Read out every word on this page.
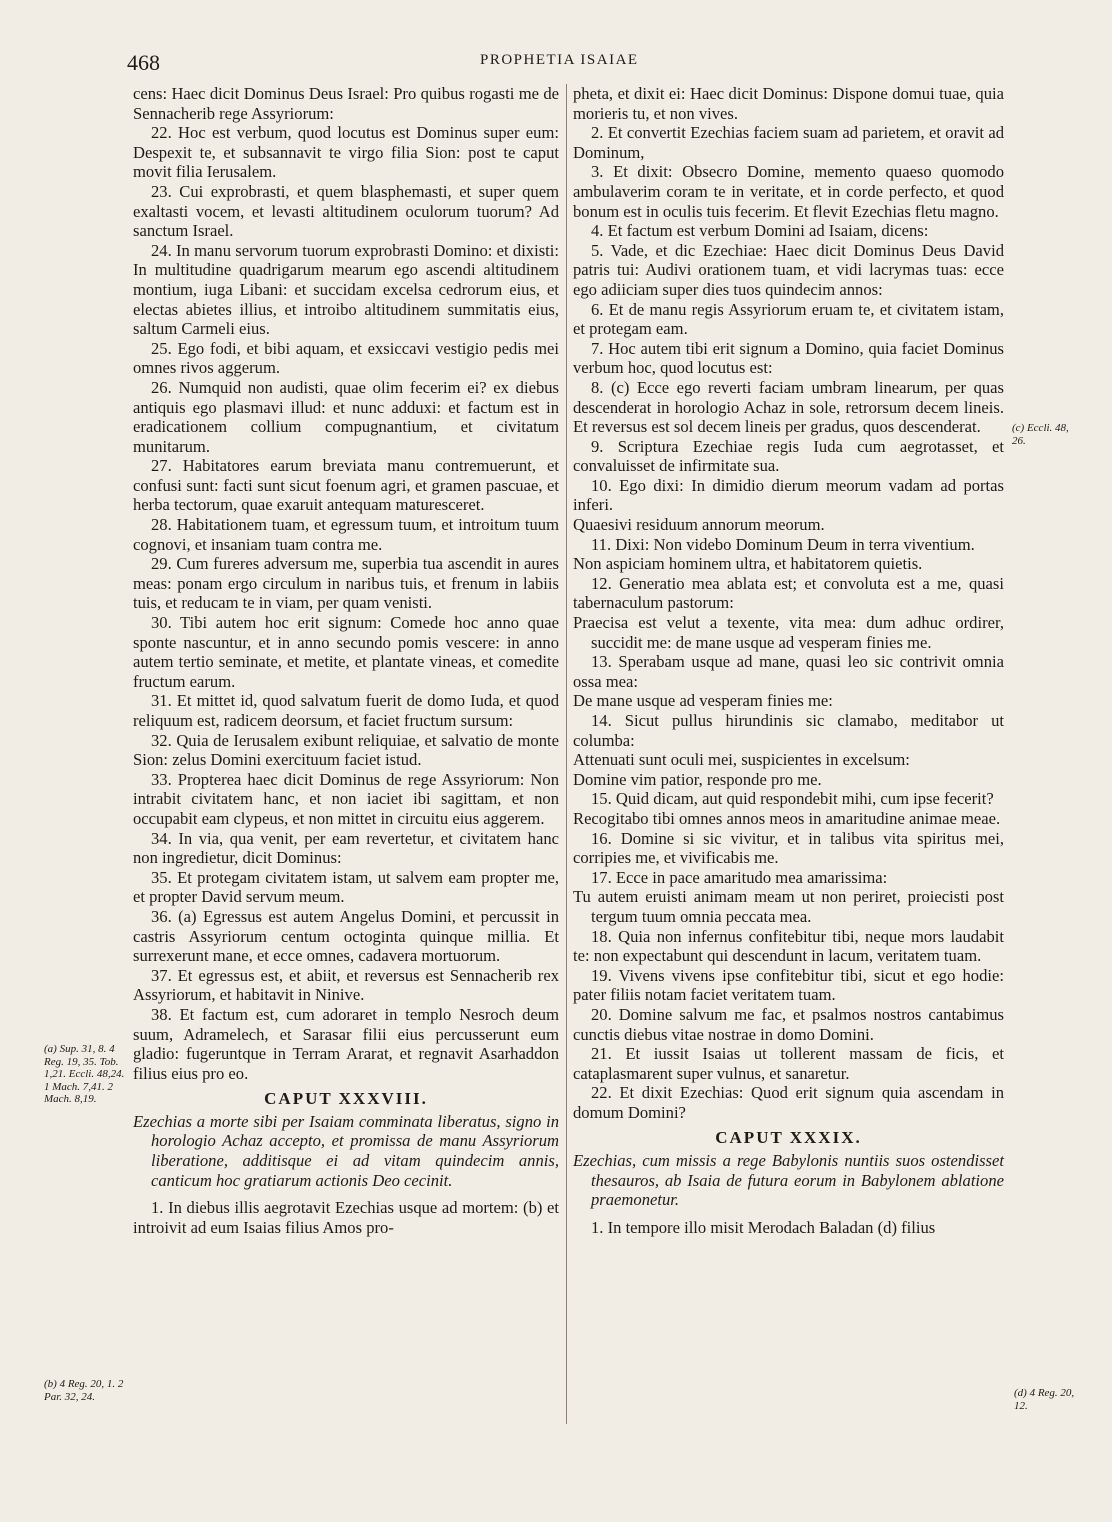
468	PROPHETIA ISAIAE

cens: Haec dicit Dominus Deus Israel: Pro quibus rogasti me de Sennacherib rege Assyriorum:

22. Hoc est verbum, quod locutus est Dominus super eum: Despexit te, et subsannavit te virgo filia Sion: post te caput movit filia Ierusalem.

23. Cui exprobrasti, et quem blasphemasti, et super quem exaltasti vocem, et levasti altitudinem oculorum tuorum? Ad sanctum Israel.

24. In manu servorum tuorum exprobrasti Domino: et dixisti: In multitudine quadrigarum mearum ego ascendi altitudinem montium, iuga Libani: et succidam excelsa cedrorum eius, et electas abietes illius, et introibo altitudinem summitatis eius, saltum Carmeli eius.

25. Ego fodi, et bibi aquam, et exsiccavi vestigio pedis mei omnes rivos aggerum.

26. Numquid non audisti, quae olim fecerim ei? ex diebus antiquis ego plasmavi illud: et nunc adduxi: et factum est in eradicationem collium compugnantium, et civitatum munitarum.

27. Habitatores earum breviata manu contremuerunt, et confusi sunt: facti sunt sicut foenum agri, et gramen pascuae, et herba tectorum, quae exaruit antequam maturesceret.

28. Habitationem tuam, et egressum tuum, et introitum tuum cognovi, et insaniam tuam contra me.

29. Cum fureres adversum me, superbia tua ascendit in aures meas: ponam ergo circulum in naribus tuis, et frenum in labiis tuis, et reducam te in viam, per quam venisti.

30. Tibi autem hoc erit signum: Comede hoc anno quae sponte nascuntur, et in anno secundo pomis vescere: in anno autem tertio seminate, et metite, et plantate vineas, et comedite fructum earum.

31. Et mittet id, quod salvatum fuerit de domo Iuda, et quod reliquum est, radicem deorsum, et faciet fructum sursum:

32. Quia de Ierusalem exibunt reliquiae, et salvatio de monte Sion: zelus Domini exercituum faciet istud.

33. Propterea haec dicit Dominus de rege Assyriorum: Non intrabit civitatem hanc, et non iaciet ibi sagittam, et non occupabit eam clypeus, et non mittet in circuitu eius aggerem.

34. In via, qua venit, per eam revertetur, et civitatem hanc non ingredietur, dicit Dominus:

35. Et protegam civitatem istam, ut salvem eam propter me, et propter David servum meum.

36. (a) Egressus est autem Angelus Domini, et percussit in castris Assyriorum centum octoginta quinque millia. Et surrexerunt mane, et ecce omnes, cadavera mortuorum.

37. Et egressus est, et abiit, et reversus est Sennacherib rex Assyriorum, et habitavit in Ninive.

38. Et factum est, cum adoraret in templo Nesroch deum suum, Adramelech, et Sarasar filii eius percusserunt eum gladio: fugeruntque in Terram Ararat, et regnavit Asarhaddon filius eius pro eo.

CAPUT XXXVIII.

Ezechias a morte sibi per Isaiam comminata liberatus, signo in horologio Achaz accepto, et promissa de manu Assyriorum liberatione, additisque ei ad vitam quindecim annis, canticum hoc gratiarum actionis Deo cecinit.

1. In diebus illis aegrotavit Ezechias usque ad mortem: (b) et introivit ad eum Isaias filius Amos pro-

pheta, et dixit ei: Haec dicit Dominus: Dispone domui tuae, quia morieris tu, et non vives.

2. Et convertit Ezechias faciem suam ad parietem, et oravit ad Dominum,

3. Et dixit: Obsecro Domine, memento quaeso quomodo ambulaverim coram te in veritate, et in corde perfecto, et quod bonum est in oculis tuis fecerim. Et flevit Ezechias fletu magno.

4. Et factum est verbum Domini ad Isaiam, dicens:

5. Vade, et dic Ezechiae: Haec dicit Dominus Deus David patris tui: Audivi orationem tuam, et vidi lacrymas tuas: ecce ego adiiciam super dies tuos quindecim annos:

6. Et de manu regis Assyriorum eruam te, et civitatem istam, et protegam eam.

7. Hoc autem tibi erit signum a Domino, quia faciet Dominus verbum hoc, quod locutus est:

8. (c) Ecce ego reverti faciam umbram linearum, per quas descenderat in horologio Achaz in sole, retrorsum decem lineis. Et reversus est sol decem lineis per gradus, quos descenderat.

9. Scriptura Ezechiae regis Iuda cum aegrotasset, et convaluisset de infirmitate sua.

10. Ego dixi: In dimidio dierum meorum vadam ad portas inferi.

Quaesivi residuum annorum meorum.

11. Dixi: Non videbo Dominum Deum in terra viventium.

Non aspiciam hominem ultra, et habitatorem quietis.

12. Generatio mea ablata est; et convoluta est a me, quasi tabernaculum pastorum:

Praecisa est velut a texente, vita mea: dum adhuc ordirer, succidit me: de mane usque ad vesperam finies me.

13. Sperabam usque ad mane, quasi leo sic contrivit omnia ossa mea:

De mane usque ad vesperam finies me:

14. Sicut pullus hirundinis sic clamabo, meditabor ut columba:

Attenuati sunt oculi mei, suspicientes in excelsum:

Domine vim patior, responde pro me.

15. Quid dicam, aut quid respondebit mihi, cum ipse fecerit?

Recogitabo tibi omnes annos meos in amaritudine animae meae.

16. Domine si sic vivitur, et in talibus vita spiritus mei, corripies me, et vivificabis me.

17. Ecce in pace amaritudo mea amarissima:

Tu autem eruisti animam meam ut non periret, proiecisti post tergum tuum omnia peccata mea.

18. Quia non infernus confitebitur tibi, neque mors laudabit te: non expectabunt qui descendunt in lacum, veritatem tuam.

19. Vivens vivens ipse confitebitur tibi, sicut et ego hodie: pater filiis notam faciet veritatem tuam.

20. Domine salvum me fac, et psalmos nostros cantabimus cunctis diebus vitae nostrae in domo Domini.

21. Et iussit Isaias ut tollerent massam de ficis, et cataplasmarent super vulnus, et sanaretur.

22. Et dixit Ezechias: Quod erit signum quia ascendam in domum Domini?

CAPUT XXXIX.

Ezechias, cum missis a rege Babylonis nuntiis suos ostendisset thesauros, ab Isaia de futura eorum in Babylonem ablatione praemonetur.

1. In tempore illo misit Merodach Baladan (d) filius

(a) Sup. 31, 8. 4 Reg. 19, 35. Tob. 1,21. Eccli. 48,24. 1 Mach. 7,41. 2 Mach. 8,19.
(b) 4 Reg. 20, 1. 2 Par. 32, 24.
(c) Eccli. 48, 26.
(d) 4 Reg. 20, 12.
